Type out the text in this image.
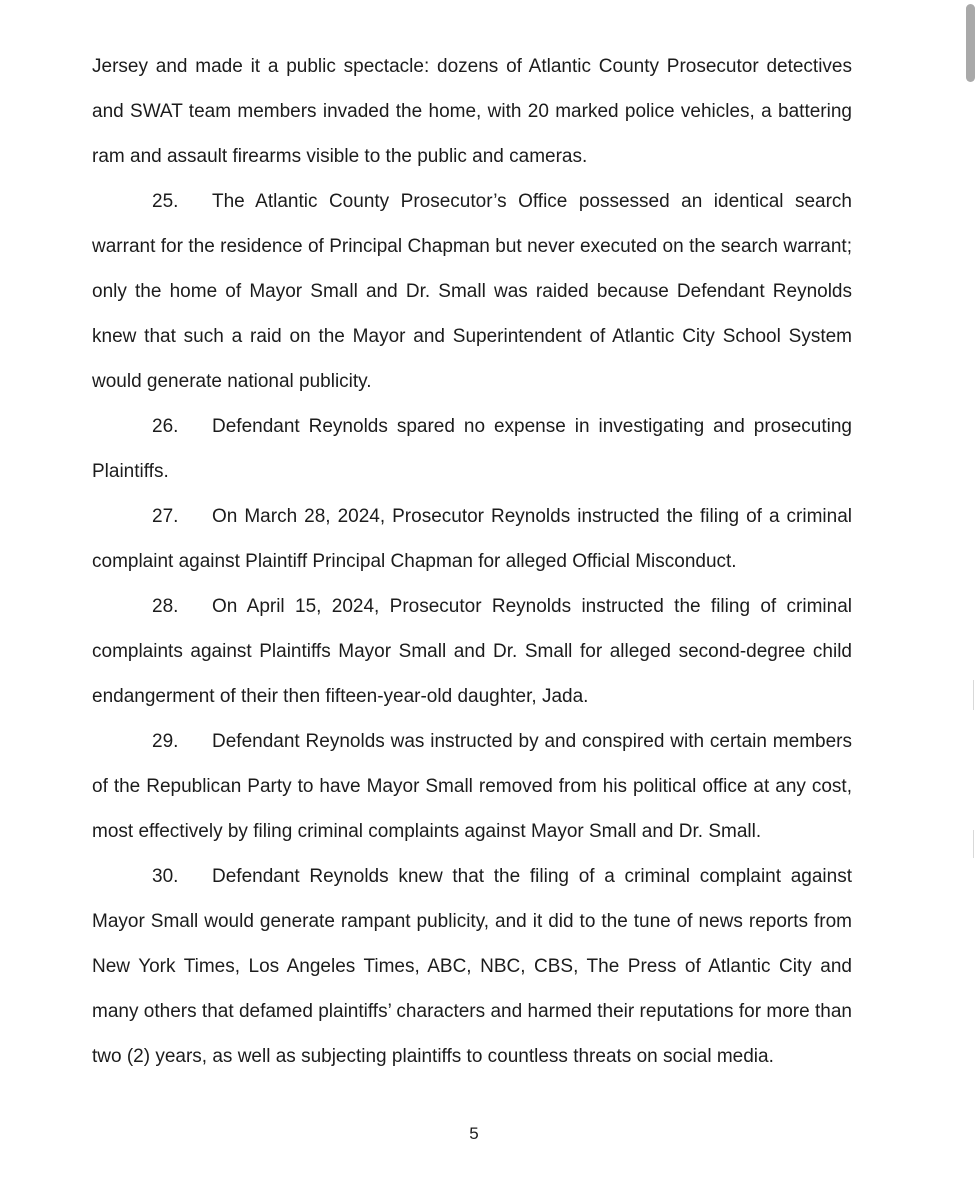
Jersey and made it a public spectacle: dozens of Atlantic County Prosecutor detectives and SWAT team members invaded the home, with 20 marked police vehicles, a battering ram and assault firearms visible to the public and cameras.

25. The Atlantic County Prosecutor’s Office possessed an identical search warrant for the residence of Principal Chapman but never executed on the search warrant; only the home of Mayor Small and Dr. Small was raided because Defendant Reynolds knew that such a raid on the Mayor and Superintendent of Atlantic City School System would generate national publicity.

26. Defendant Reynolds spared no expense in investigating and prosecuting Plaintiffs.

27. On March 28, 2024, Prosecutor Reynolds instructed the filing of a criminal complaint against Plaintiff Principal Chapman for alleged Official Misconduct.

28. On April 15, 2024, Prosecutor Reynolds instructed the filing of criminal complaints against Plaintiffs Mayor Small and Dr. Small for alleged second-degree child endangerment of their then fifteen-year-old daughter, Jada.

29. Defendant Reynolds was instructed by and conspired with certain members of the Republican Party to have Mayor Small removed from his political office at any cost, most effectively by filing criminal complaints against Mayor Small and Dr. Small.

30. Defendant Reynolds knew that the filing of a criminal complaint against Mayor Small would generate rampant publicity, and it did to the tune of news reports from New York Times, Los Angeles Times, ABC, NBC, CBS, The Press of Atlantic City and many others that defamed plaintiffs’ characters and harmed their reputations for more than two (2) years, as well as subjecting plaintiffs to countless threats on social media.

5
